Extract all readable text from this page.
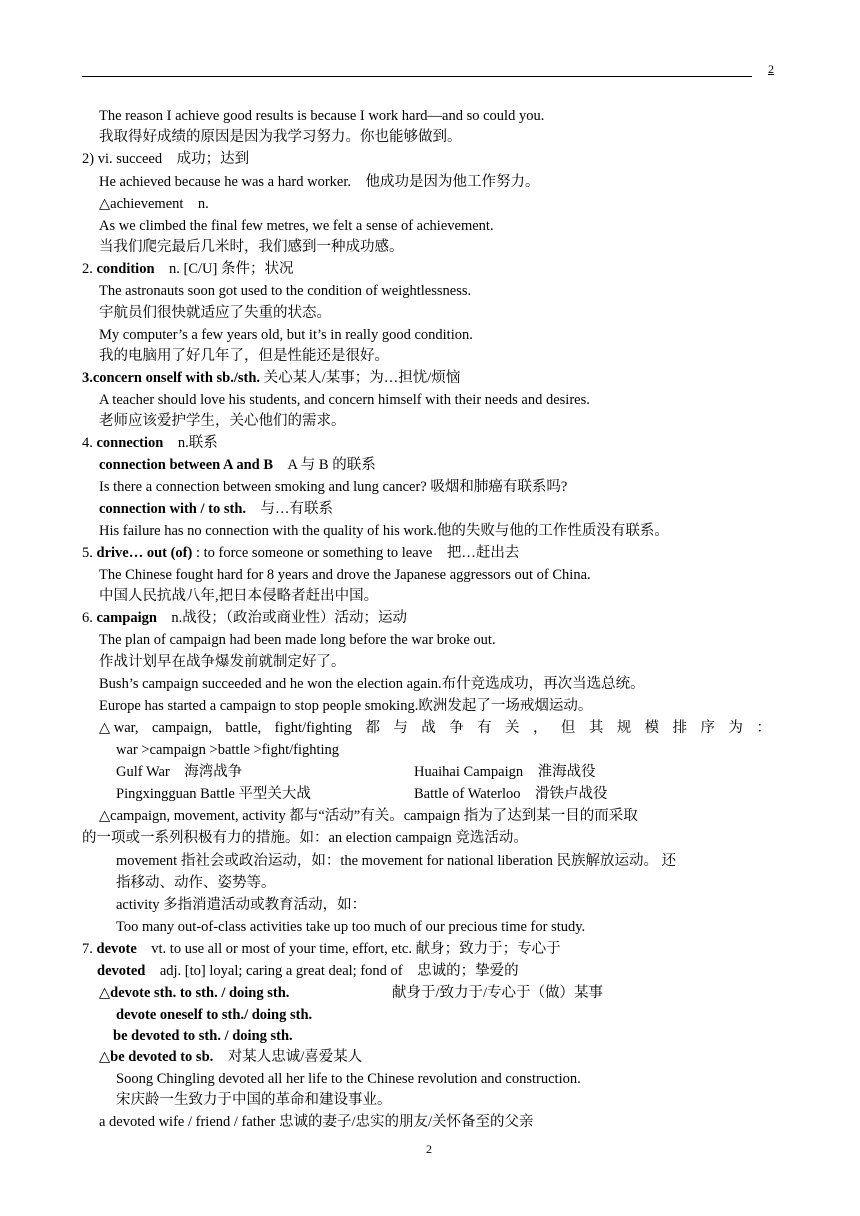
2
The reason I achieve good results is because I work hard—and so could you.
我取得好成绩的原因是因为我学习努力。你也能够做到。
2) vi. succeed　成功；达到
He achieved because he was a hard worker.　他成功是因为他工作努力。
△achievement　n.
As we climbed the final few metres, we felt a sense of achievement.
当我们爬完最后几米时，我们感到一种成功感。
2. condition　n. [C/U] 条件；状况
The astronauts soon got used to the condition of weightlessness.
宇航员们很快就适应了失重的状态。
My computer’s a few years old, but it’s in really good condition.
我的电脑用了好几年了，但是性能还是很好。
3.concern onself with sb./sth. 关心某人/某事；为…担忧/烦恼
A teacher should love his students, and concern himself with their needs and desires.
老师应该爱护学生，关心他们的需求。
4. connection　n.联系
connection between A and B　A 与 B 的联系
Is there a connection between smoking and lung cancer? 吸烟和肺癌有联系吗?
connection with / to sth.　与…有联系
His failure has no connection with the quality of his work.他的失败与他的工作性质没有联系。
5. drive… out (of) : to force someone or something to leave　把…赶出去
The Chinese fought hard for 8 years and drove the Japanese aggressors out of China.
中国人民抗战八年,把日本侵略者赶出中国。
6. campaign　n.战役；（政治或商业性）活动；运动
The plan of campaign had been made long before the war broke out.
作战计划早在战争爆发前就制定好了。
Bush’s campaign succeeded and he won the election again.布什竞选成功，再次当选总统。
Europe has started a campaign to stop people smoking.欧洲发起了一场戒烟运动。
△ war, campaign, battle, fight/fighting 都 与 战 争 有 关 ， 但 其 规 模 排 序 为 ：
war >campaign >battle >fight/fighting
Gulf War　海湾战争	Huaihai Campaign　淮海战役
Pingxingguan Battle 平型关大战	Battle of Waterloo　滑铁卢战役
△campaign, movement, activity 都与“活动”有关。campaign 指为了达到某一目的而采取
的一项或一系列积极有力的措施。如：an election campaign 竞选活动。
movement 指社会或政治运动，如：the movement for national liberation 民族解放运动。 还
指移动、动作、姿势等。
activity 多指消遣活动或教育活动，如：
Too many out-of-class activities take up too much of our precious time for study.
7. devote　vt. to use all or most of your time, effort, etc. 献身；致力于；专心于
devoted　adj. [to] loyal; caring a great deal; fond of　忠诚的；挚爱的
△devote sth. to sth. / doing sth.	献身于/致力于/专心于（做）某事
devote oneself to sth./ doing sth.
be devoted to sth. / doing sth.
△be devoted to sb.　对某人忠诚/喜爱某人
Soong Chingling devoted all her life to the Chinese revolution and construction.
宋庆龄一生致力于中国的革命和建设事业。
a devoted wife / friend / father 忠诚的妻子/忠实的朋友/关怀备至的父亲
2
